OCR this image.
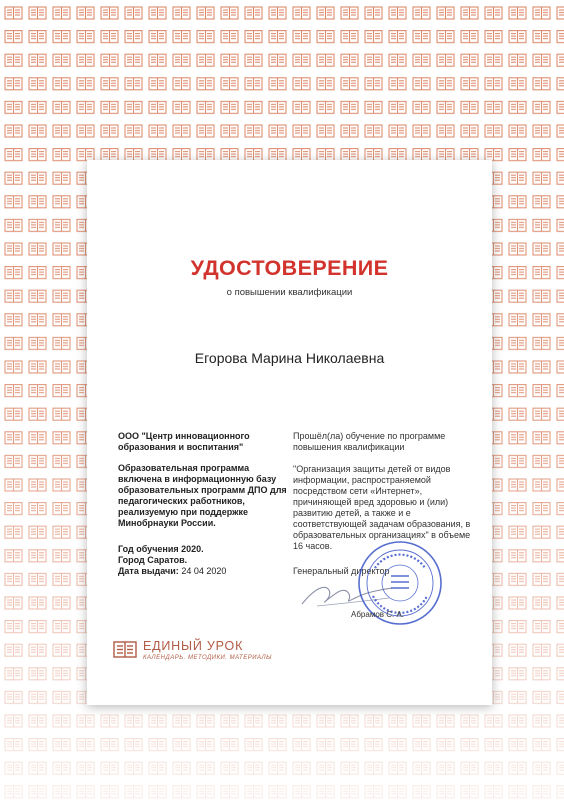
УДОСТОВЕРЕНИЕ
о повышении квалификации
Егорова Марина Николаевна
ООО "Центр инновационного образования и воспитания"
Образовательная программа включена в информационную базу образовательных программ ДПО для педагогических работников, реализуемую при поддержке Минобрнауки России.
Год обучения 2020.
Город Саратов.
Дата выдачи: 24 04 2020
Прошёл(ла) обучение по программе повышения квалификации
"Организация защиты детей от видов информации, распространяемой посредством сети «Интернет», причиняющей вред здоровью и (или) развитию детей, а также и е соответствующей задачам образования, в образовательных организациях" в объеме 16 часов.
Генеральный директор
Абрамов С. А.
ЕДИНЫЙ УРОК
КАЛЕНДАРЬ. МЕТОДИКИ. МАТЕРИАЛЫ
